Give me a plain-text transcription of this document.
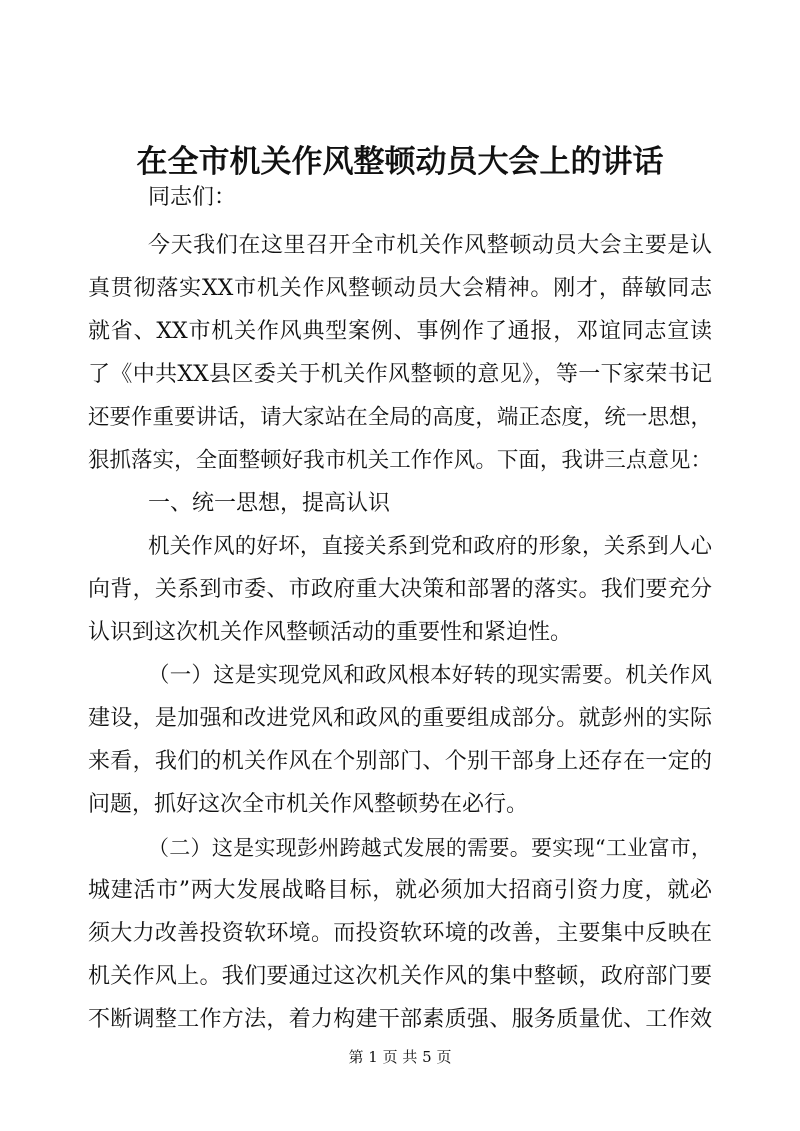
在全市机关作风整顿动员大会上的讲话
同志们：
今天我们在这里召开全市机关作风整顿动员大会主要是认
真贯彻落实XX市机关作风整顿动员大会精神。刚才，薛敏同志
就省、XX市机关作风典型案例、事例作了通报，邓谊同志宣读
了《中共XX县区委关于机关作风整顿的意见》，等一下家荣书记
还要作重要讲话，请大家站在全局的高度，端正态度，统一思想，
狠抓落实，全面整顿好我市机关工作作风。下面，我讲三点意见：
一、统一思想，提高认识
机关作风的好坏，直接关系到党和政府的形象，关系到人心
向背，关系到市委、市政府重大决策和部署的落实。我们要充分
认识到这次机关作风整顿活动的重要性和紧迫性。
（一）这是实现党风和政风根本好转的现实需要。机关作风
建设，是加强和改进党风和政风的重要组成部分。就彭州的实际
来看，我们的机关作风在个别部门、个别干部身上还存在一定的
问题，抓好这次全市机关作风整顿势在必行。
（二）这是实现彭州跨越式发展的需要。要实现“工业富市，
城建活市”两大发展战略目标，就必须加大招商引资力度，就必
须大力改善投资软环境。而投资软环境的改善，主要集中反映在
机关作风上。我们要通过这次机关作风的集中整顿，政府部门要
不断调整工作方法，着力构建干部素质强、服务质量优、工作效
第 1 页 共 5 页
